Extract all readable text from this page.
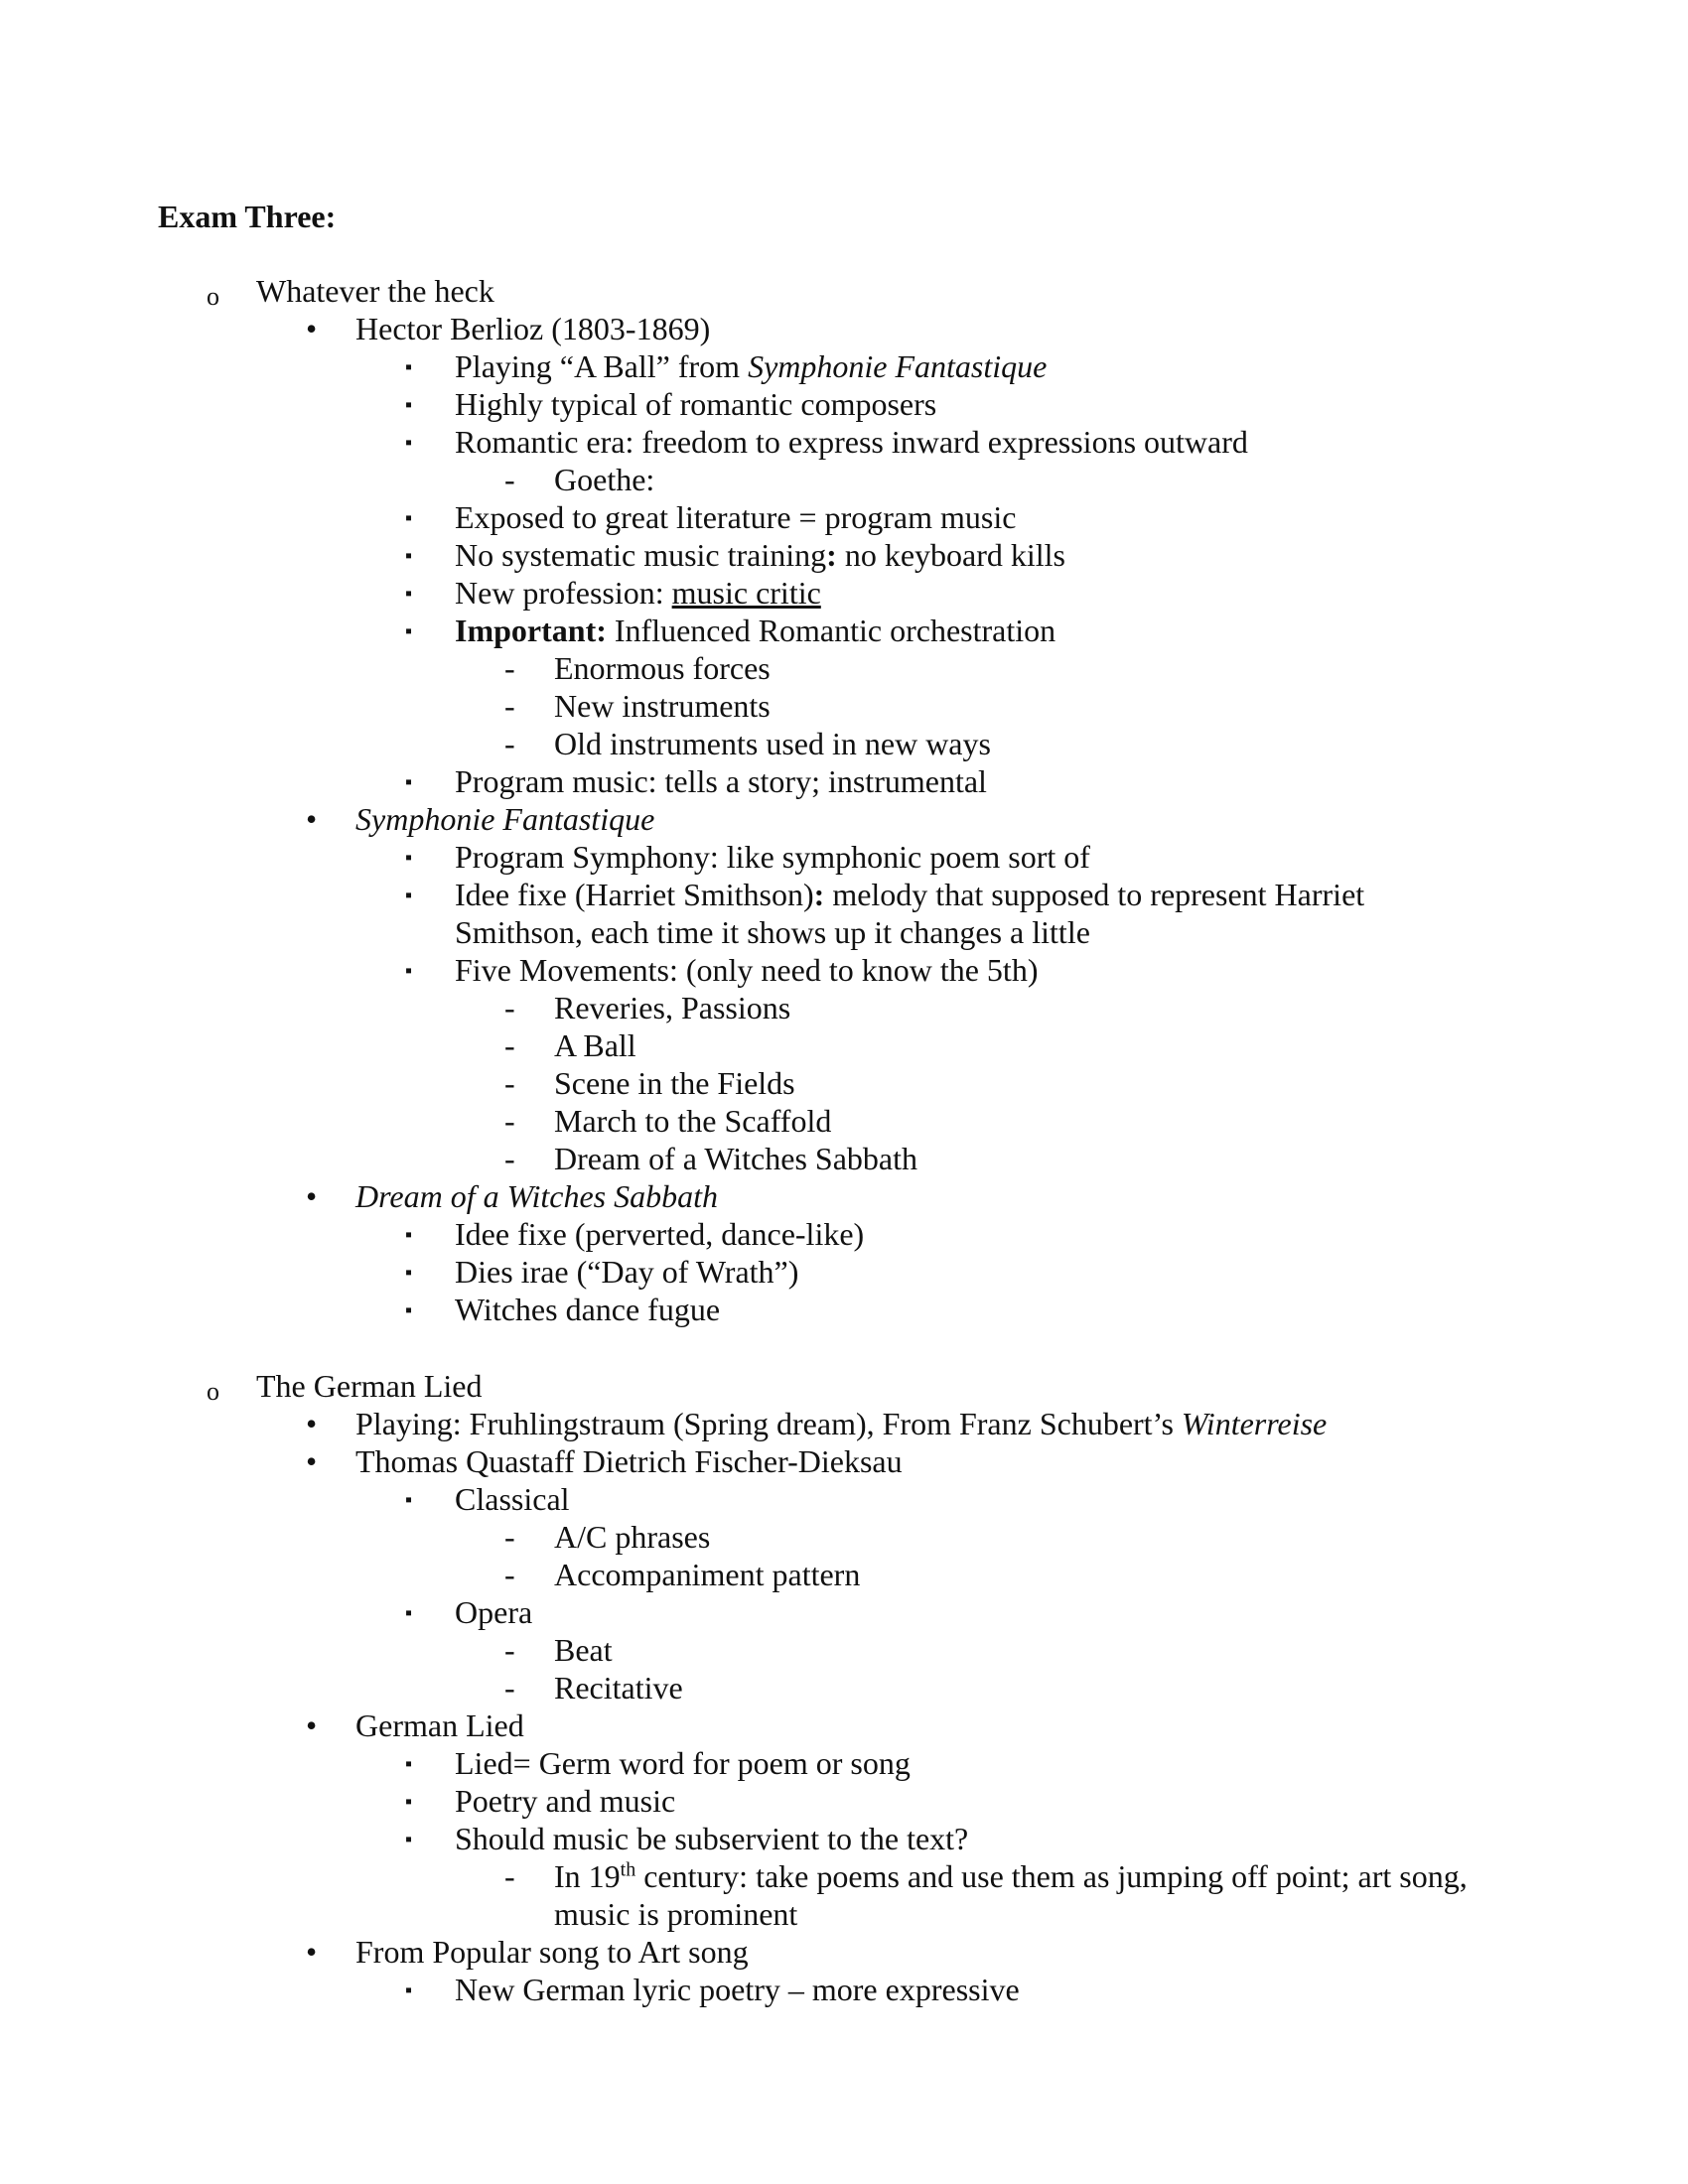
Exam Three:
o Whatever the heck
• Hector Berlioz (1803-1869)
▪ Playing “A Ball” from Symphonie Fantastique
▪ Highly typical of romantic composers
▪ Romantic era: freedom to express inward expressions outward
- Goethe:
▪ Exposed to great literature = program music
▪ No systematic music training: no keyboard kills
▪ New profession: music critic
▪ Important: Influenced Romantic orchestration
- Enormous forces
- New instruments
- Old instruments used in new ways
▪ Program music: tells a story; instrumental
• Symphonie Fantastique
▪ Program Symphony: like symphonic poem sort of
▪ Idee fixe (Harriet Smithson): melody that supposed to represent Harriet
Smithson, each time it shows up it changes a little
▪ Five Movements: (only need to know the 5th)
- Reveries, Passions
- A Ball
- Scene in the Fields
- March to the Scaffold
- Dream of a Witches Sabbath
• Dream of a Witches Sabbath
▪ Idee fixe (perverted, dance-like)
▪ Dies irae (“Day of Wrath”)
▪ Witches dance fugue
o The German Lied
• Playing: Fruhlingstraum (Spring dream), From Franz Schubert’s Winterreise
• Thomas Quastaff Dietrich Fischer-Dieksau
▪ Classical
- A/C phrases
- Accompaniment pattern
▪ Opera
- Beat
- Recitative
• German Lied
▪ Lied= Germ word for poem or song
▪ Poetry and music
▪ Should music be subservient to the text?
- In 19th century: take poems and use them as jumping off point; art song,
music is prominent
• From Popular song to Art song
▪ New German lyric poetry – more expressive
